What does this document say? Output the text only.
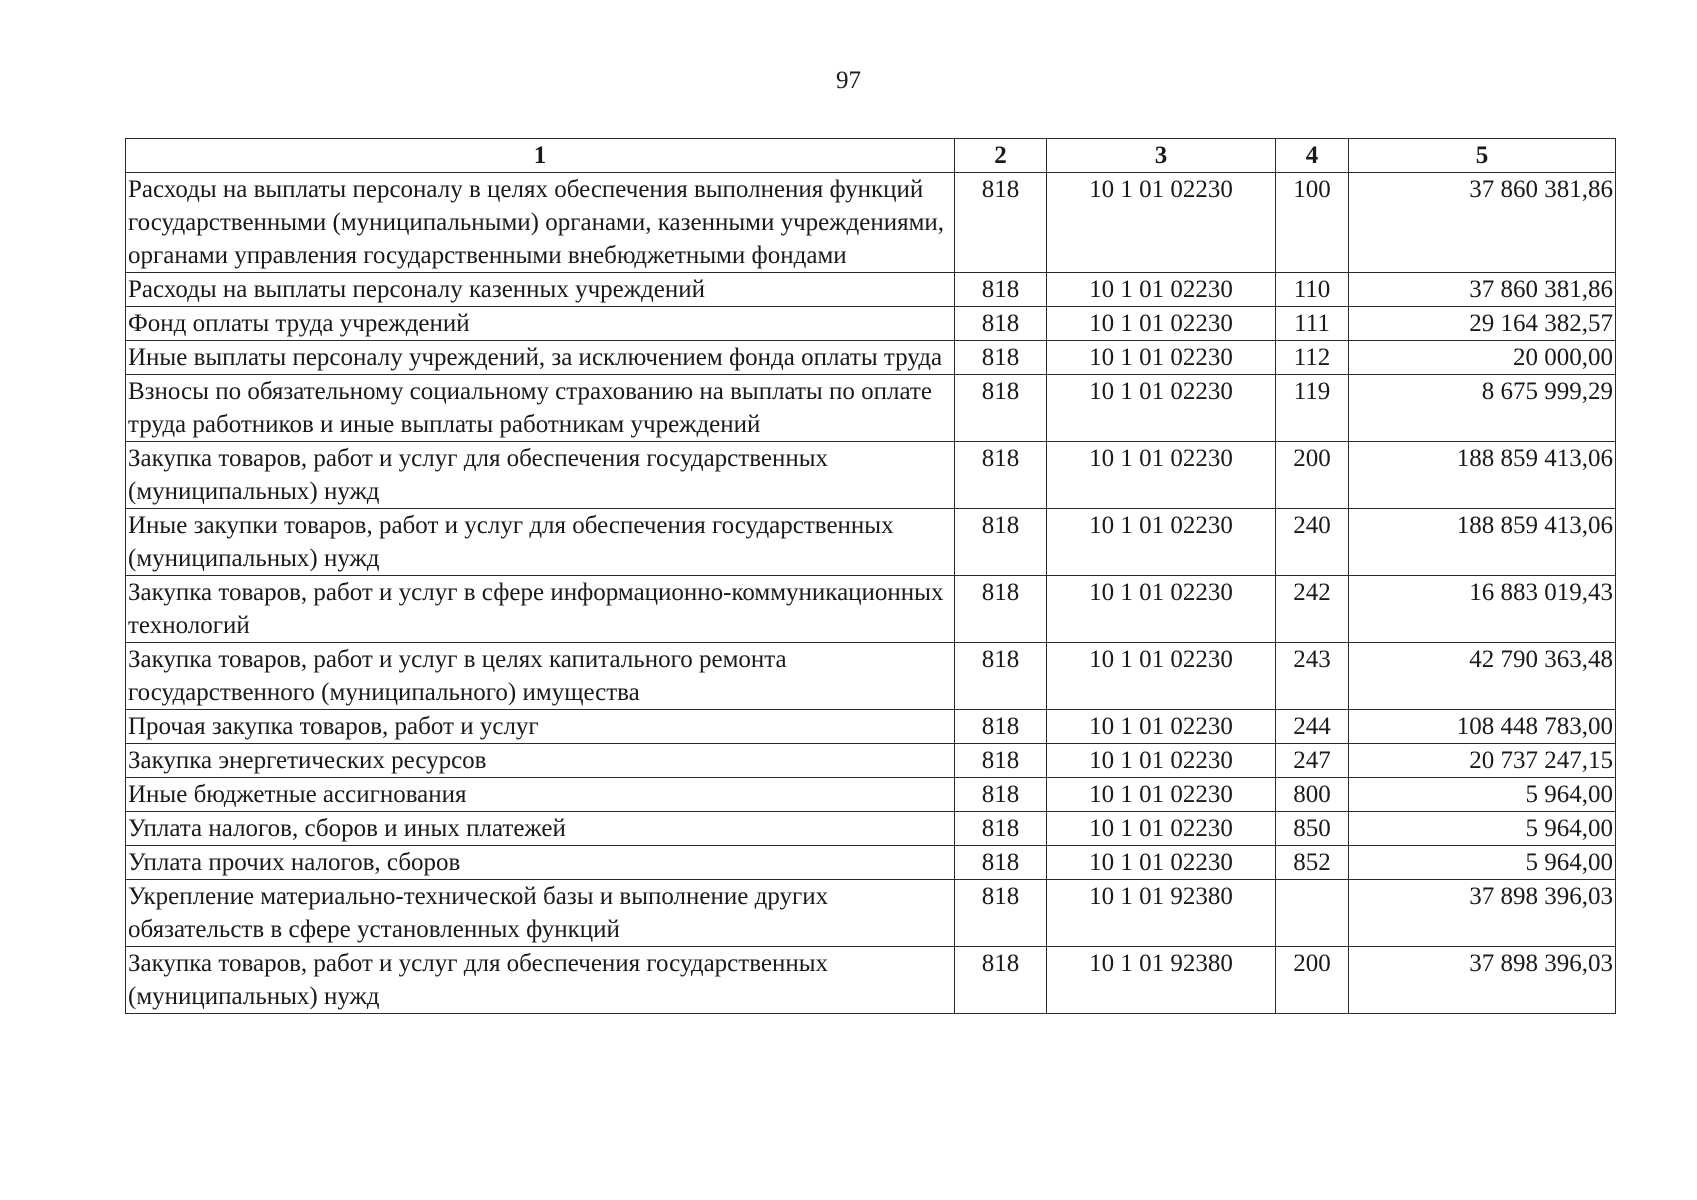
97
1	2	3	4	5
Расходы на выплаты персоналу в целях обеспечения выполнения функций государственными (муниципальными) органами, казенными учреждениями, органами управления государственными внебюджетными фондами	818	10 1 01 02230	100	37 860 381,86
Расходы на выплаты персоналу казенных учреждений	818	10 1 01 02230	110	37 860 381,86
Фонд оплаты труда учреждений	818	10 1 01 02230	111	29 164 382,57
Иные выплаты персоналу учреждений, за исключением фонда оплаты труда	818	10 1 01 02230	112	20 000,00
Взносы по обязательному социальному страхованию на выплаты по оплате труда работников и иные выплаты работникам учреждений	818	10 1 01 02230	119	8 675 999,29
Закупка товаров, работ и услуг для обеспечения государственных (муниципальных) нужд	818	10 1 01 02230	200	188 859 413,06
Иные закупки товаров, работ и услуг для обеспечения государственных (муниципальных) нужд	818	10 1 01 02230	240	188 859 413,06
Закупка товаров, работ и услуг в сфере информационно-коммуникационных технологий	818	10 1 01 02230	242	16 883 019,43
Закупка товаров, работ и услуг в целях капитального ремонта государственного (муниципального) имущества	818	10 1 01 02230	243	42 790 363,48
Прочая закупка товаров, работ и услуг	818	10 1 01 02230	244	108 448 783,00
Закупка энергетических ресурсов	818	10 1 01 02230	247	20 737 247,15
Иные бюджетные ассигнования	818	10 1 01 02230	800	5 964,00
Уплата налогов, сборов и иных платежей	818	10 1 01 02230	850	5 964,00
Уплата прочих налогов, сборов	818	10 1 01 02230	852	5 964,00
Укрепление материально-технической базы и выполнение других обязательств в сфере установленных функций	818	10 1 01 92380		37 898 396,03
Закупка товаров, работ и услуг для обеспечения государственных (муниципальных) нужд	818	10 1 01 92380	200	37 898 396,03
